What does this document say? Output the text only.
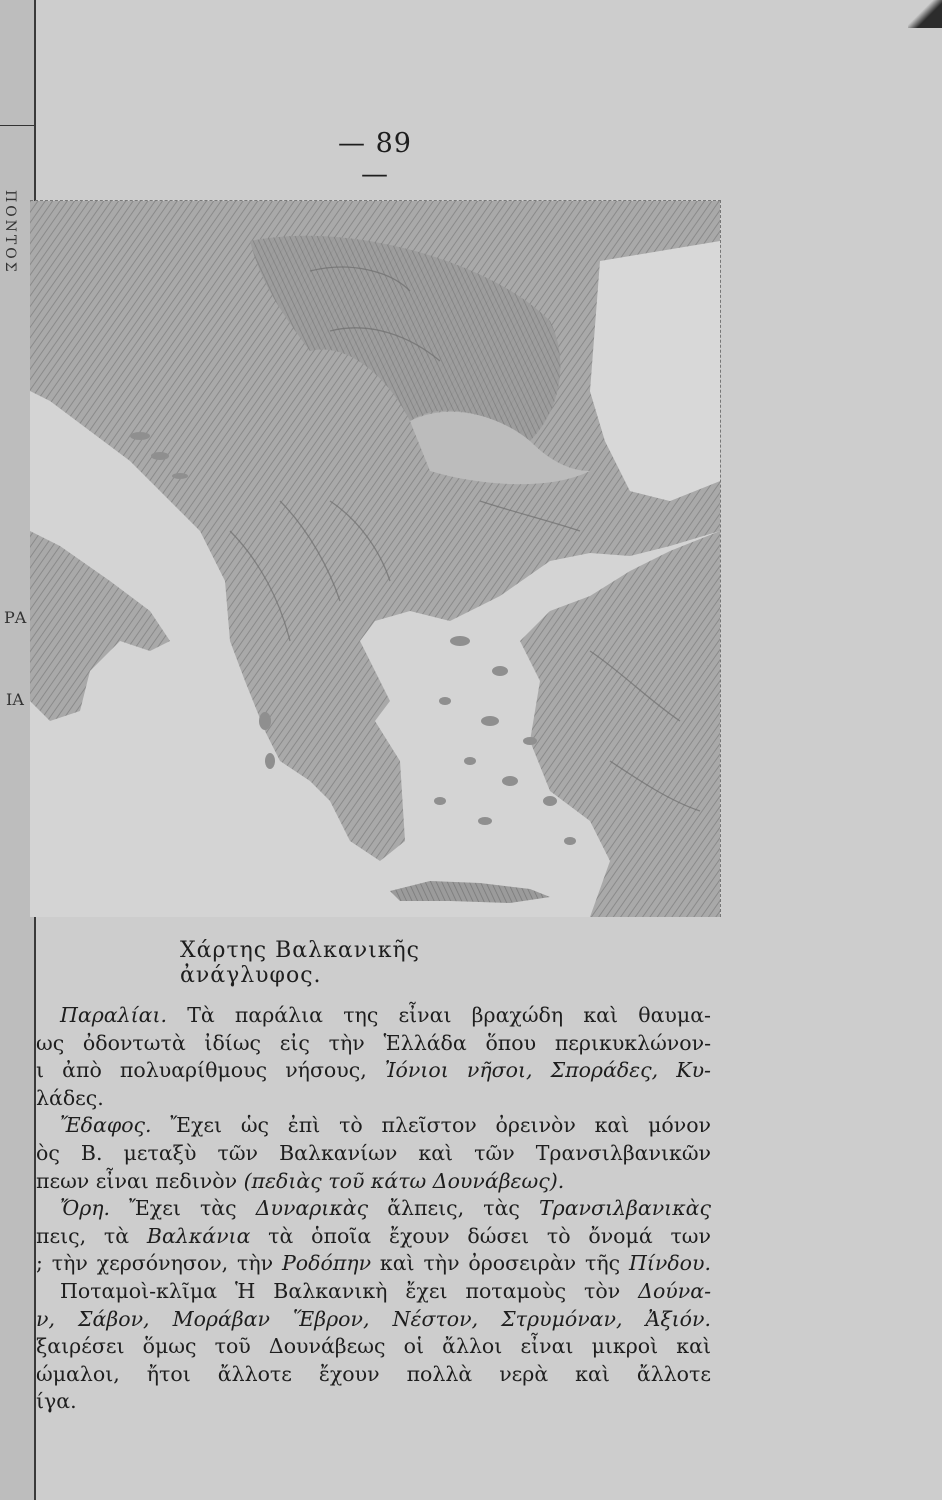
ΠΟΝΤΟΣ
ΡΑ
ΙΑ
— 89 —
Χάρτης Βαλκανικῆς ἀνάγλυφος.
Παραλίαι. Τὰ παράλια της εἶναι βραχώδη καὶ θαυμα-
ως ὀδοντωτὰ ἰδίως εἰς τὴν Ἑλλάδα ὅπου περικυκλώνον-
ι ἀπὸ πολυαρίθμους νήσους, Ἰόνιοι νῆσοι, Σποράδες, Κυ-
λάδες.
Ἔδαφος. Ἔχει ὡς ἐπὶ τὸ πλεῖστον ὀρεινὸν καὶ μόνον
ὸς Β. μεταξὺ τῶν Βαλκανίων καὶ τῶν Τρανσιλβανικῶν
πεων εἶναι πεδινὸν (πεδιὰς τοῦ κάτω Δουνάβεως).
Ὄρη. Ἔχει τὰς Δυναρικὰς ἄλπεις, τὰς Τρανσιλβανικὰς
πεις, τὰ Βαλκάνια τὰ ὁποῖα ἔχουν δώσει τὸ ὄνομά των
; τὴν χερσόνησον, τὴν Ροδόπην καὶ τὴν ὀροσειρὰν τῆς Πίνδου.
Ποταμοὶ-κλῖμα Ἡ Βαλκανικὴ ἔχει ποταμοὺς τὸν Δούνα-
ν, Σάβον, Μοράβαν Ἕβρον, Νέστον, Στρυμόναν, Ἀξιόν.
ξαιρέσει ὅμως τοῦ Δουνάβεως οἱ ἄλλοι εἶναι μικροὶ καὶ
ώμαλοι, ἤτοι ἄλλοτε ἔχουν πολλὰ νερὰ καὶ ἄλλοτε
ίγα.
